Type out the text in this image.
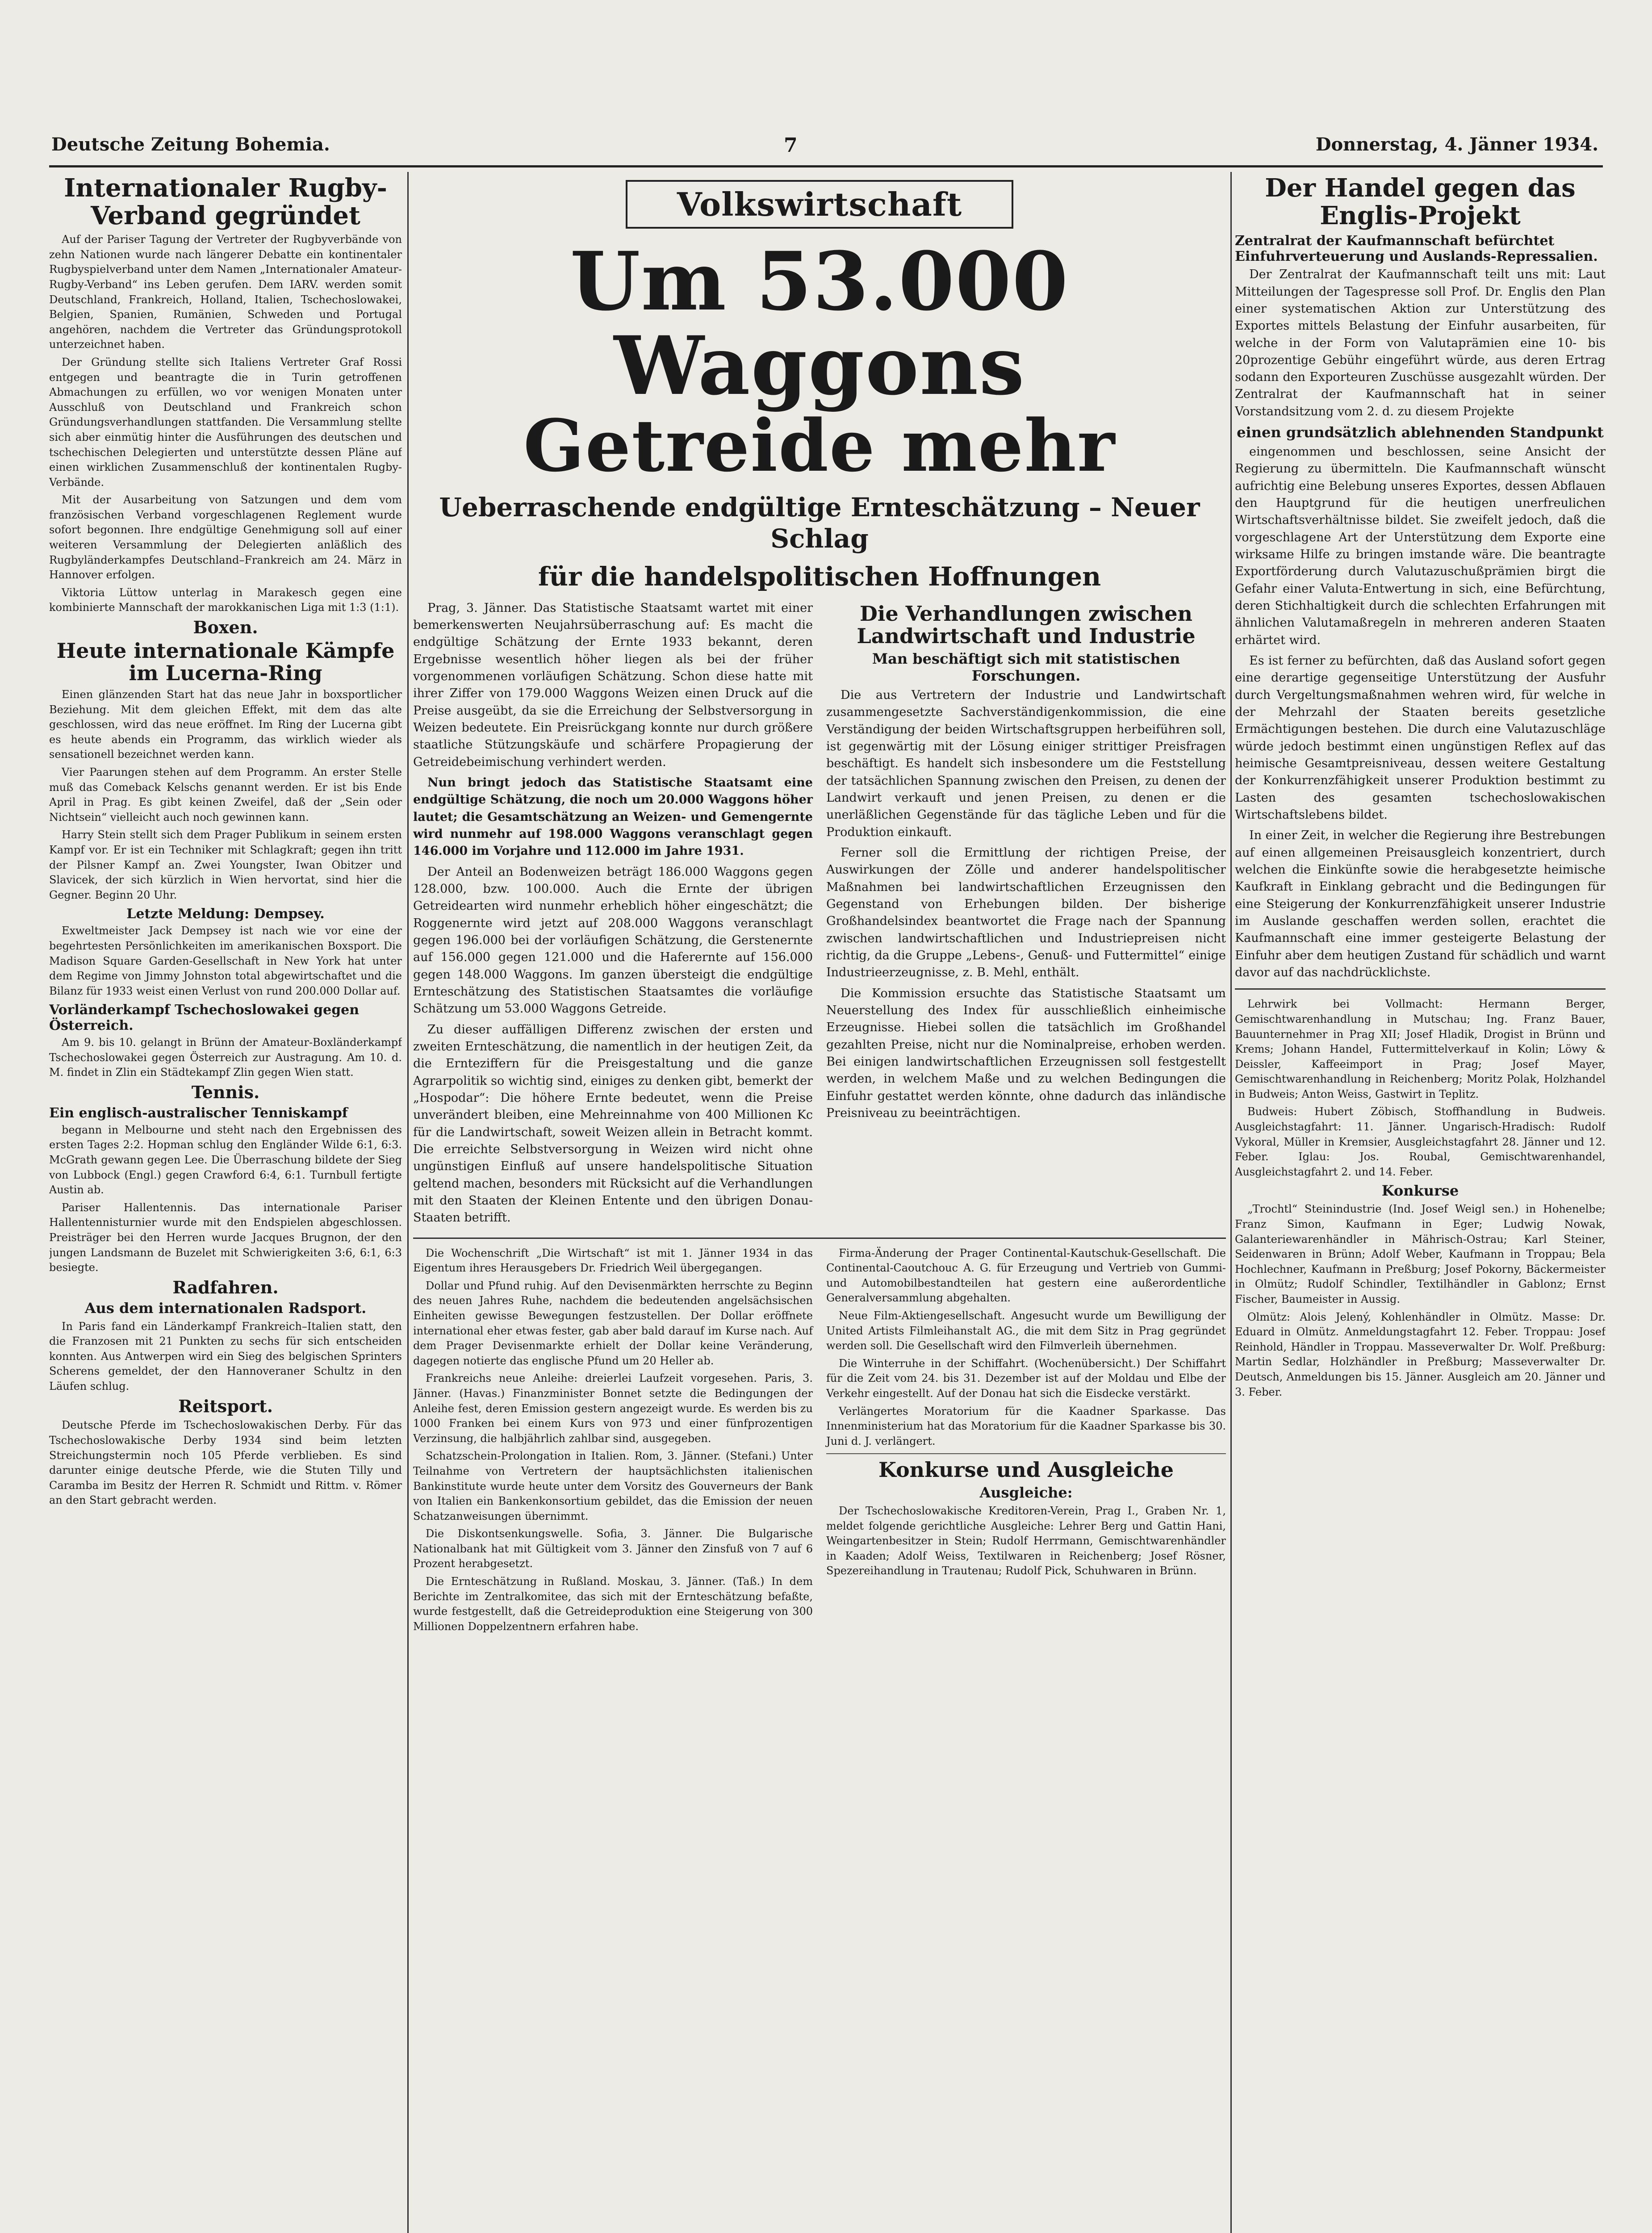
Deutsche Zeitung Bohemia.	7	Donnerstag, 4. Jänner 1934.
Internationaler Rugby-Verband gegründet

Auf der Pariser Tagung der Vertreter der Rugbyverbände von zehn Nationen wurde nach längerer Debatte ein kontinentaler Rugbyspielverband unter dem Namen „Internationaler Amateur-Rugby-Verband“ ins Leben gerufen. Dem IARV. werden somit Deutschland, Frankreich, Holland, Italien, Tschechoslowakei, Belgien, Spanien, Rumänien, Schweden und Portugal angehören, nachdem die Vertreter das Gründungsprotokoll unterzeichnet haben.

Der Gründung stellte sich Italiens Vertreter Graf Rossi entgegen und beantragte die in Turin getroffenen Abmachungen zu erfüllen, wo vor wenigen Monaten unter Ausschluß von Deutschland und Frankreich schon Gründungsverhandlungen stattfanden. Die Versammlung stellte sich aber einmütig hinter die Ausführungen des deutschen und tschechischen Delegierten und unterstützte dessen Pläne auf einen wirklichen Zusammenschluß der kontinentalen Rugby-Verbände.

Mit der Ausarbeitung von Satzungen und dem vom französischen Verband vorgeschlagenen Reglement wurde sofort begonnen. Ihre endgültige Genehmigung soll auf einer weiteren Versammlung der Delegierten anläßlich des Rugbyländerkampfes Deutschland–Frankreich am 24. März in Hannover erfolgen.

Viktoria Lüttow unterlag in Marakesch gegen eine kombinierte Mannschaft der marokkanischen Liga mit 1:3 (1:1).

Boxen.
Heute internationale Kämpfe im Lucerna-Ring

Einen glänzenden Start hat das neue Jahr in boxsportlicher Beziehung. Mit dem gleichen Effekt, mit dem das alte geschlossen, wird das neue eröffnet. Im Ring der Lucerna gibt es heute abends ein Programm, das wirklich wieder als sensationell bezeichnet werden kann.

Vier Paarungen stehen auf dem Programm. An erster Stelle muß das Comeback Kelschs genannt werden. Er ist bis Ende April in Prag. Es gibt keinen Zweifel, daß der „Sein oder Nichtsein“ vielleicht auch noch gewinnen kann.

Harry Stein stellt sich dem Prager Publikum in seinem ersten Kampf vor. Er ist ein Techniker mit Schlagkraft; gegen ihn tritt der Pilsner Kampf an. Zwei Youngster, Iwan Obitzer und Slavicek, der sich kürzlich in Wien hervortat, sind hier die Gegner. Beginn 20 Uhr.

Letzte Meldung: Dempsey.

Exweltmeister Jack Dempsey ist nach wie vor eine der begehrtesten Persönlichkeiten im amerikanischen Boxsport. Die Madison Square Garden-Gesellschaft in New York hat unter dem Regime von Jimmy Johnston total abgewirtschaftet und die Bilanz für 1933 weist einen Verlust von rund 200.000 Dollar auf.

Vorländerkampf Tschechoslowakei gegen Österreich.

Am 9. bis 10. gelangt in Brünn der Amateur-Boxländerkampf Tschechoslowakei gegen Österreich zur Austragung. Am 10. d. M. findet in Zlin ein Städtekampf Zlin gegen Wien statt.

Tennis.
Ein englisch-australischer Tenniskampf

begann in Melbourne und steht nach den Ergebnissen des ersten Tages 2:2. Hopman schlug den Engländer Wilde 6:1, 6:3. McGrath gewann gegen Lee. Die Überraschung bildete der Sieg von Lubbock (Engl.) gegen Crawford 6:4, 6:1. Turnbull fertigte Austin ab.

Pariser Hallentennis. Das internationale Pariser Hallentennisturnier wurde mit den Endspielen abgeschlossen. Preisträger bei den Herren wurde Jacques Brugnon, der den jungen Landsmann de Buzelet mit Schwierigkeiten 3:6, 6:1, 6:3 besiegte.

Radfahren.
Aus dem internationalen Radsport.

In Paris fand ein Länderkampf Frankreich–Italien statt, den die Franzosen mit 21 Punkten zu sechs für sich entscheiden konnten. Aus Antwerpen wird ein Sieg des belgischen Sprinters Scherens gemeldet, der den Hannoveraner Schultz in den Läufen schlug.

Reitsport.

Deutsche Pferde im Tschechoslowakischen Derby. Für das Tschechoslowakische Derby 1934 sind beim letzten Streichungstermin noch 105 Pferde verblieben. Es sind darunter einige deutsche Pferde, wie die Stuten Tilly und Caramba im Besitz der Herren R. Schmidt und Rittm. v. Römer an den Start gebracht werden.

Volkswirtschaft
Um 53.000 Waggons
Getreide mehr
Ueberraschende endgültige Ernteschätzung – Neuer Schlag
für die handelspolitischen Hoffnungen

Prag, 3. Jänner. Das Statistische Staatsamt wartet mit einer bemerkenswerten Neujahrsüberraschung auf: Es macht die endgültige Schätzung der Ernte 1933 bekannt, deren Ergebnisse wesentlich höher liegen als bei der früher vorgenommenen vorläufigen Schätzung. Schon diese hatte mit ihrer Ziffer von 179.000 Waggons Weizen einen Druck auf die Preise ausgeübt, da sie die Erreichung der Selbstversorgung in Weizen bedeutete. Ein Preisrückgang konnte nur durch größere staatliche Stützungskäufe und schärfere Propagierung der Getreidebeimischung verhindert werden.

Nun bringt jedoch das Statistische Staatsamt eine endgültige Schätzung, die noch um 20.000 Waggons höher lautet; die Gesamtschätzung an Weizen- und Gemengernte wird nunmehr auf 198.000 Waggons veranschlagt gegen 146.000 im Vorjahre und 112.000 im Jahre 1931.

Der Anteil an Bodenweizen beträgt 186.000 Waggons gegen 128.000, bzw. 100.000. Auch die Ernte der übrigen Getreidearten wird nunmehr erheblich höher eingeschätzt; die Roggenernte wird jetzt auf 208.000 Waggons veranschlagt gegen 196.000 bei der vorläufigen Schätzung, die Gerstenernte auf 156.000 gegen 121.000 und die Haferernte auf 156.000 gegen 148.000 Waggons. Im ganzen übersteigt die endgültige Ernteschätzung des Statistischen Staatsamtes die vorläufige Schätzung um 53.000 Waggons Getreide.

Zu dieser auffälligen Differenz zwischen der ersten und zweiten Ernteschätzung, die namentlich in der heutigen Zeit, da die Ernteziffern für die Preisgestaltung und die ganze Agrarpolitik so wichtig sind, einiges zu denken gibt, bemerkt der „Hospodar“: Die höhere Ernte bedeutet, wenn die Preise unverändert bleiben, eine Mehreinnahme von 400 Millionen Kc für die Landwirtschaft, soweit Weizen allein in Betracht kommt. Die erreichte Selbstversorgung in Weizen wird nicht ohne ungünstigen Einfluß auf unsere handelspolitische Situation geltend machen, besonders mit Rücksicht auf die Verhandlungen mit den Staaten der Kleinen Entente und den übrigen Donau-Staaten betrifft.

Die Verhandlungen zwischen Landwirtschaft und Industrie
Man beschäftigt sich mit statistischen Forschungen.

Die aus Vertretern der Industrie und Landwirtschaft zusammengesetzte Sachverständigenkommission, die eine Verständigung der beiden Wirtschaftsgruppen herbeiführen soll, ist gegenwärtig mit der Lösung einiger strittiger Preisfragen beschäftigt. Es handelt sich insbesondere um die Feststellung der tatsächlichen Spannung zwischen den Preisen, zu denen der Landwirt verkauft und jenen Preisen, zu denen er die unerläßlichen Gegenstände für das tägliche Leben und für die Produktion einkauft.

Ferner soll die Ermittlung der richtigen Preise, der Auswirkungen der Zölle und anderer handelspolitischer Maßnahmen bei landwirtschaftlichen Erzeugnissen den Gegenstand von Erhebungen bilden. Der bisherige Großhandelsindex beantwortet die Frage nach der Spannung zwischen landwirtschaftlichen und Industriepreisen nicht richtig, da die Gruppe „Lebens-, Genuß- und Futtermittel“ einige Industrieerzeugnisse, z. B. Mehl, enthält.

Die Kommission ersuchte das Statistische Staatsamt um Neuerstellung des Index für ausschließlich einheimische Erzeugnisse. Hiebei sollen die tatsächlich im Großhandel gezahlten Preise, nicht nur die Nominalpreise, erhoben werden. Bei einigen landwirtschaftlichen Erzeugnissen soll festgestellt werden, in welchem Maße und zu welchen Bedingungen die Einfuhr gestattet werden könnte, ohne dadurch das inländische Preisniveau zu beeinträchtigen.

Die Wochenschrift „Die Wirtschaft“ ist mit 1. Jänner 1934 in das Eigentum ihres Herausgebers Dr. Friedrich Weil übergegangen.

Dollar und Pfund ruhig. Auf den Devisenmärkten herrschte zu Beginn des neuen Jahres Ruhe, nachdem die bedeutenden angelsächsischen Einheiten gewisse Bewegungen festzustellen. Der Dollar eröffnete international eher etwas fester, gab aber bald darauf im Kurse nach. Auf dem Prager Devisenmarkte erhielt der Dollar keine Veränderung, dagegen notierte das englische Pfund um 20 Heller ab.

Frankreichs neue Anleihe: dreierlei Laufzeit vorgesehen. Paris, 3. Jänner. (Havas.) Finanzminister Bonnet setzte die Bedingungen der Anleihe fest, deren Emission gestern angezeigt wurde. Es werden bis zu 1000 Franken bei einem Kurs von 973 und einer fünfprozentigen Verzinsung, die halbjährlich zahlbar sind, ausgegeben.

Schatzschein-Prolongation in Italien. Rom, 3. Jänner. (Stefani.) Unter Teilnahme von Vertretern der hauptsächlichsten italienischen Bankinstitute wurde heute unter dem Vorsitz des Gouverneurs der Bank von Italien ein Bankenkonsortium gebildet, das die Emission der neuen Schatzanweisungen übernimmt.

Die Diskontsenkungswelle. Sofia, 3. Jänner. Die Bulgarische Nationalbank hat mit Gültigkeit vom 3. Jänner den Zinsfuß von 7 auf 6 Prozent herabgesetzt.

Die Ernteschätzung in Rußland. Moskau, 3. Jänner. (Taß.) In dem Berichte im Zentralkomitee, das sich mit der Ernteschätzung befaßte, wurde festgestellt, daß die Getreideproduktion eine Steigerung von 300 Millionen Doppelzentnern erfahren habe.

Firma-Änderung der Prager Continental-Kautschuk-Gesellschaft. Die Continental-Caoutchouc A. G. für Erzeugung und Vertrieb von Gummi- und Automobilbestandteilen hat gestern eine außerordentliche Generalversammlung abgehalten.

Neue Film-Aktiengesellschaft. Angesucht wurde um Bewilligung der United Artists Filmleihanstalt AG., die mit dem Sitz in Prag gegründet werden soll. Die Gesellschaft wird den Filmverleih übernehmen.

Die Winterruhe in der Schiffahrt. (Wochenübersicht.) Der Schiffahrt für die Zeit vom 24. bis 31. Dezember ist auf der Moldau und Elbe der Verkehr eingestellt. Auf der Donau hat sich die Eisdecke verstärkt.

Verlängertes Moratorium für die Kaadner Sparkasse. Das Innenministerium hat das Moratorium für die Kaadner Sparkasse bis 30. Juni d. J. verlängert.

Konkurse und Ausgleiche
Ausgleiche:

Der Tschechoslowakische Kreditoren-Verein, Prag I., Graben Nr. 1, meldet folgende gerichtliche Ausgleiche: Lehrer Berg und Gattin Hani, Weingartenbesitzer in Stein; Rudolf Herrmann, Gemischtwarenhändler in Kaaden; Adolf Weiss, Textilwaren in Reichenberg; Josef Rösner, Spezereihandlung in Trautenau; Rudolf Pick, Schuhwaren in Brünn.

Der Handel gegen das Englis-Projekt
Zentralrat der Kaufmannschaft befürchtet Einfuhrverteuerung und Auslands-Repressalien.

Der Zentralrat der Kaufmannschaft teilt uns mit: Laut Mitteilungen der Tagespresse soll Prof. Dr. Englis den Plan einer systematischen Aktion zur Unterstützung des Exportes mittels Belastung der Einfuhr ausarbeiten, für welche in der Form von Valutaprämien eine 10- bis 20prozentige Gebühr eingeführt würde, aus deren Ertrag sodann den Exporteuren Zuschüsse ausgezahlt würden. Der Zentralrat der Kaufmannschaft hat in seiner Vorstandsitzung vom 2. d. zu diesem Projekte

einen grundsätzlich ablehnenden Standpunkt

eingenommen und beschlossen, seine Ansicht der Regierung zu übermitteln. Die Kaufmannschaft wünscht aufrichtig eine Belebung unseres Exportes, dessen Abflauen den Hauptgrund für die heutigen unerfreulichen Wirtschaftsverhältnisse bildet. Sie zweifelt jedoch, daß die vorgeschlagene Art der Unterstützung dem Exporte eine wirksame Hilfe zu bringen imstande wäre. Die beantragte Exportförderung durch Valutazuschußprämien birgt die Gefahr einer Valuta-Entwertung in sich, eine Befürchtung, deren Stichhaltigkeit durch die schlechten Erfahrungen mit ähnlichen Valutamaßregeln in mehreren anderen Staaten erhärtet wird.

Es ist ferner zu befürchten, daß das Ausland sofort gegen eine derartige gegenseitige Unterstützung der Ausfuhr durch Vergeltungsmaßnahmen wehren wird, für welche in der Mehrzahl der Staaten bereits gesetzliche Ermächtigungen bestehen. Die durch eine Valutazuschläge würde jedoch bestimmt einen ungünstigen Reflex auf das heimische Gesamtpreisniveau, dessen weitere Gestaltung der Konkurrenzfähigkeit unserer Produktion bestimmt zu Lasten des gesamten tschechoslowakischen Wirtschaftslebens bildet.

In einer Zeit, in welcher die Regierung ihre Bestrebungen auf einen allgemeinen Preisausgleich konzentriert, durch welchen die Einkünfte sowie die herabgesetzte heimische Kaufkraft in Einklang gebracht und die Bedingungen für eine Steigerung der Konkurrenzfähigkeit unserer Industrie im Auslande geschaffen werden sollen, erachtet die Kaufmannschaft eine immer gesteigerte Belastung der Einfuhr aber dem heutigen Zustand für schädlich und warnt davor auf das nachdrücklichste.

Lehrwirk bei Vollmacht: Hermann Berger, Gemischtwarenhandlung in Mutschau; Ing. Franz Bauer, Bauunternehmer in Prag XII; Josef Hladik, Drogist in Brünn und Krems; Johann Handel, Futtermittelverkauf in Kolin; Löwy & Deissler, Kaffeeimport in Prag; Josef Mayer, Gemischtwarenhandlung in Reichenberg; Moritz Polak, Holzhandel in Budweis; Anton Weiss, Gastwirt in Teplitz.

Budweis: Hubert Zöbisch, Stoffhandlung in Budweis. Ausgleichstagfahrt: 11. Jänner. Ungarisch-Hradisch: Rudolf Vykoral, Müller in Kremsier, Ausgleichstagfahrt 28. Jänner und 12. Feber. Iglau: Jos. Roubal, Gemischtwarenhandel, Ausgleichstagfahrt 2. und 14. Feber.

Konkurse

„Trochtl“ Steinindustrie (Ind. Josef Weigl sen.) in Hohenelbe; Franz Simon, Kaufmann in Eger; Ludwig Nowak, Galanteriewarenhändler in Mährisch-Ostrau; Karl Steiner, Seidenwaren in Brünn; Adolf Weber, Kaufmann in Troppau; Bela Hochlechner, Kaufmann in Preßburg; Josef Pokorny, Bäckermeister in Olmütz; Rudolf Schindler, Textilhändler in Gablonz; Ernst Fischer, Baumeister in Aussig.

Olmütz: Alois Jelený, Kohlenhändler in Olmütz. Masse: Dr. Eduard in Olmütz. Anmeldungstagfahrt 12. Feber. Troppau: Josef Reinhold, Händler in Troppau. Masseverwalter Dr. Wolf. Preßburg: Martin Sedlar, Holzhändler in Preßburg; Masseverwalter Dr. Deutsch, Anmeldungen bis 15. Jänner. Ausgleich am 20. Jänner und 3. Feber.
